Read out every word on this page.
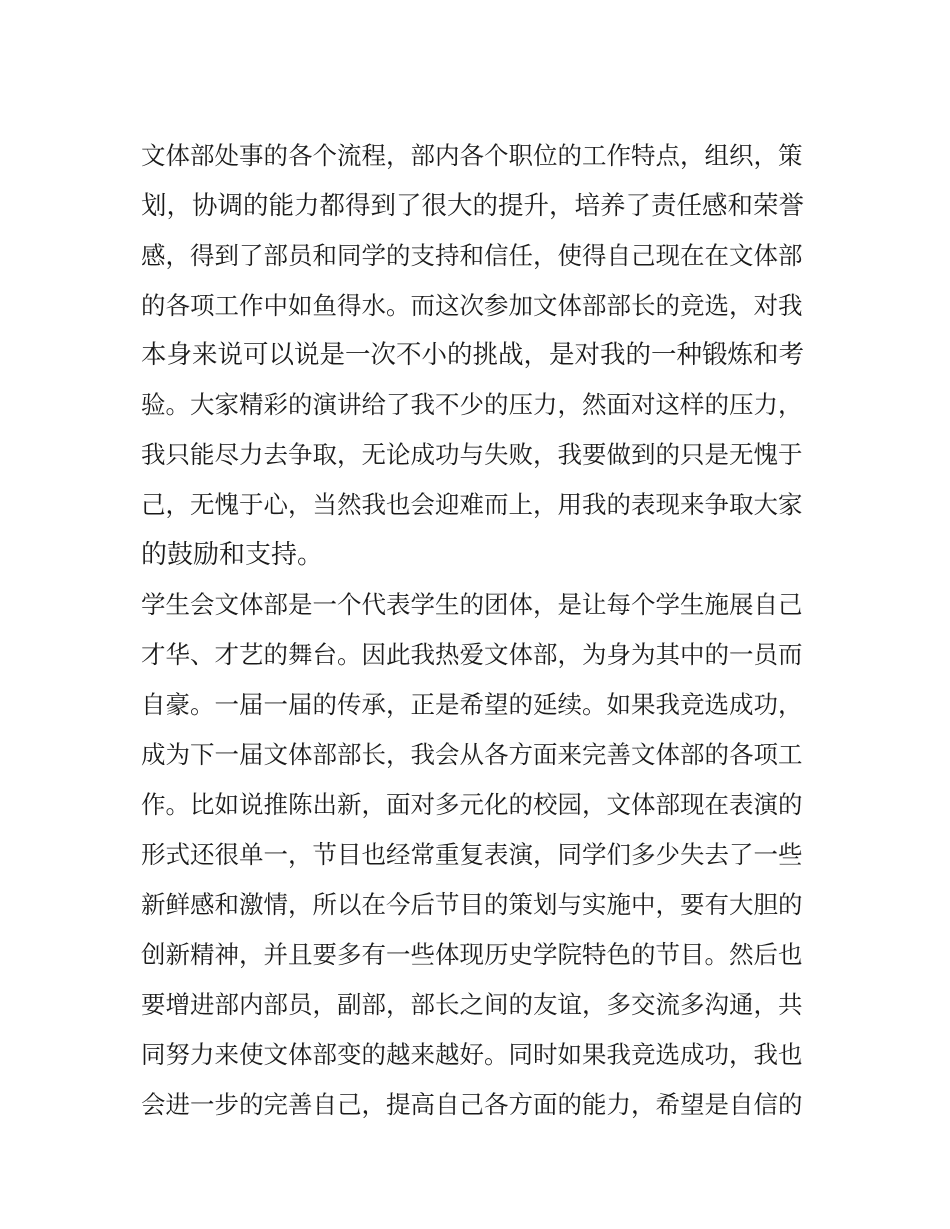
文体部处事的各个流程，部内各个职位的工作特点，组织，策
划，协调的能力都得到了很大的提升，培养了责任感和荣誉
感，得到了部员和同学的支持和信任，使得自己现在在文体部
的各项工作中如鱼得水。而这次参加文体部部长的竞选，对我
本身来说可以说是一次不小的挑战，是对我的一种锻炼和考
验。大家精彩的演讲给了我不少的压力，然面对这样的压力，
我只能尽力去争取，无论成功与失败，我要做到的只是无愧于
己，无愧于心，当然我也会迎难而上，用我的表现来争取大家
的鼓励和支持。
学生会文体部是一个代表学生的团体，是让每个学生施展自己
才华、才艺的舞台。因此我热爱文体部，为身为其中的一员而
自豪。一届一届的传承，正是希望的延续。如果我竞选成功，
成为下一届文体部部长，我会从各方面来完善文体部的各项工
作。比如说推陈出新，面对多元化的校园，文体部现在表演的
形式还很单一，节目也经常重复表演，同学们多少失去了一些
新鲜感和激情，所以在今后节目的策划与实施中，要有大胆的
创新精神，并且要多有一些体现历史学院特色的节目。然后也
要增进部内部员，副部，部长之间的友谊，多交流多沟通，共
同努力来使文体部变的越来越好。同时如果我竞选成功，我也
会进一步的完善自己，提高自己各方面的能力，希望是自信的
